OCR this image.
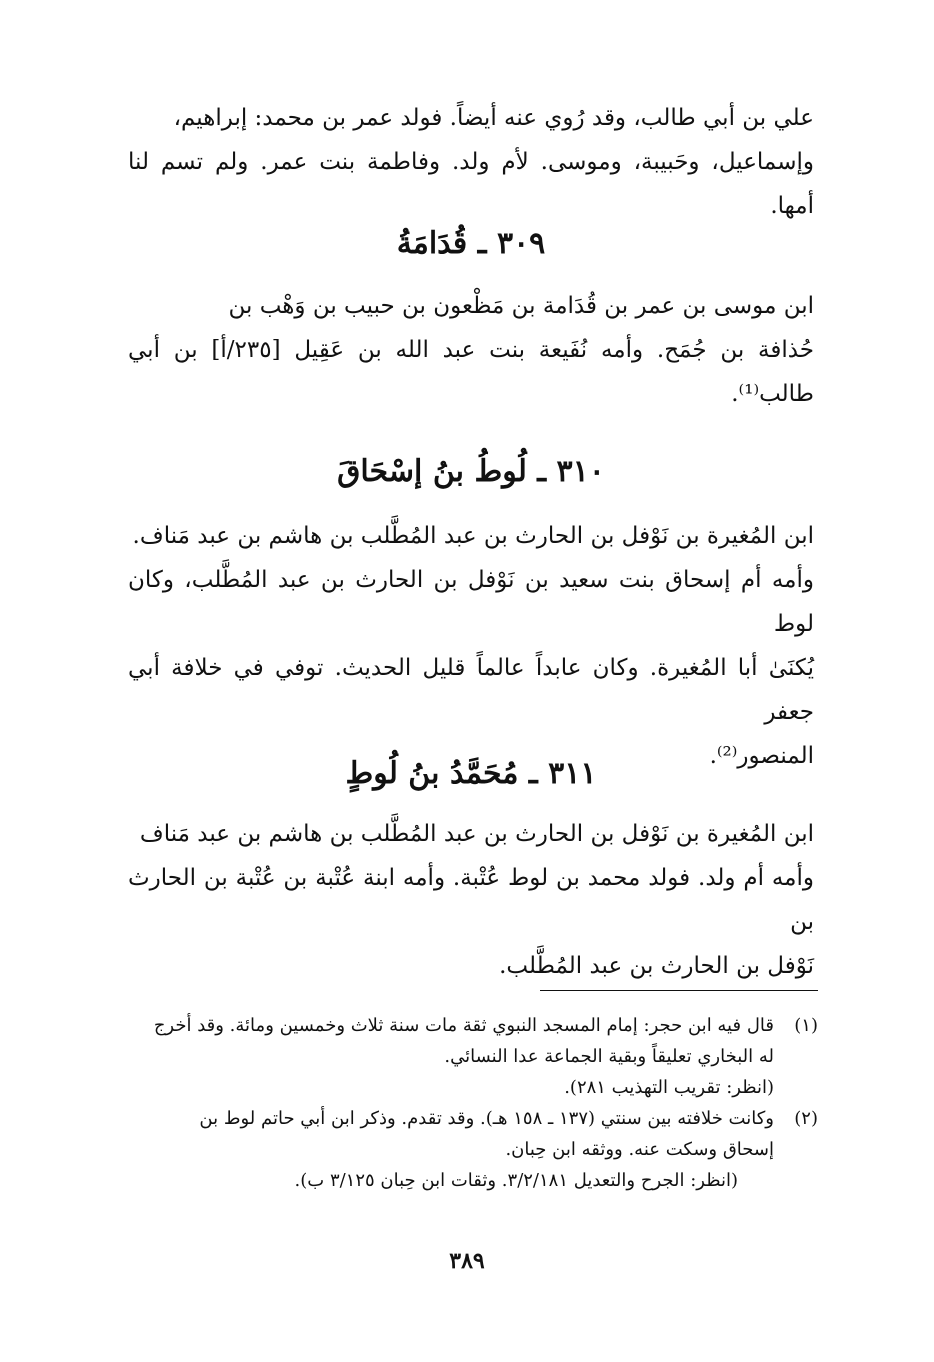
علي بن أبي طالب، وقد رُوي عنه أيضاً. فولد عمر بن محمد: إبراهيم،

وإسماعيل، وحَبيبة، وموسى. لأم ولد. وفاطمة بنت عمر. ولم تسم لنا أمها.

٣٠٩ ـ قُدَامَةُ

ابن موسى بن عمر بن قُدَامة بن مَظْعون بن حبيب بن وَهْب بن

حُذافة بن جُمَح. وأمه نُفَيعة بنت عبد الله بن عَقِيل [٢٣٥/أ] بن أبي طالب⁽¹⁾.

٣١٠ ـ لُوطُ بنُ إسْحَاقَ

ابن المُغيرة بن نَوْفل بن الحارث بن عبد المُطَّلب بن هاشم بن عبد مَناف.

وأمه أم إسحاق بنت سعيد بن نَوْفل بن الحارث بن عبد المُطَّلب، وكان لوط

يُكنَىٰ أبا المُغيرة. وكان عابداً عالماً قليل الحديث. توفي في خلافة أبي جعفر

المنصور⁽²⁾.

٣١١ ـ مُحَمَّدُ بنُ لُوطٍ

ابن المُغيرة بن نَوْفل بن الحارث بن عبد المُطَّلب بن هاشم بن عبد مَناف

وأمه أم ولد. فولد محمد بن لوط عُتْبة. وأمه ابنة عُتْبة بن عُتْبة بن الحارث بن

نَوْفل بن الحارث بن عبد المُطَّلب.

(١)
قال فيه ابن حجر: إمام المسجد النبوي ثقة مات سنة ثلاث وخمسين ومائة. وقد أخرج
له البخاري تعليقاً وبقية الجماعة عدا النسائي.

(انظر: تقريب التهذيب ٢٨١).

(٢)
وكانت خلافته بين سنتي (١٣٧ ـ ١٥٨ هـ). وقد تقدم. وذكر ابن أبي حاتم لوط بن
إسحاق وسكت عنه. ووثقه ابن حِبان.

(انظر: الجرح والتعديل ٣/٢/١٨١. وثقات ابن حِبان ٣/١٢٥ ب).

٣٨٩
